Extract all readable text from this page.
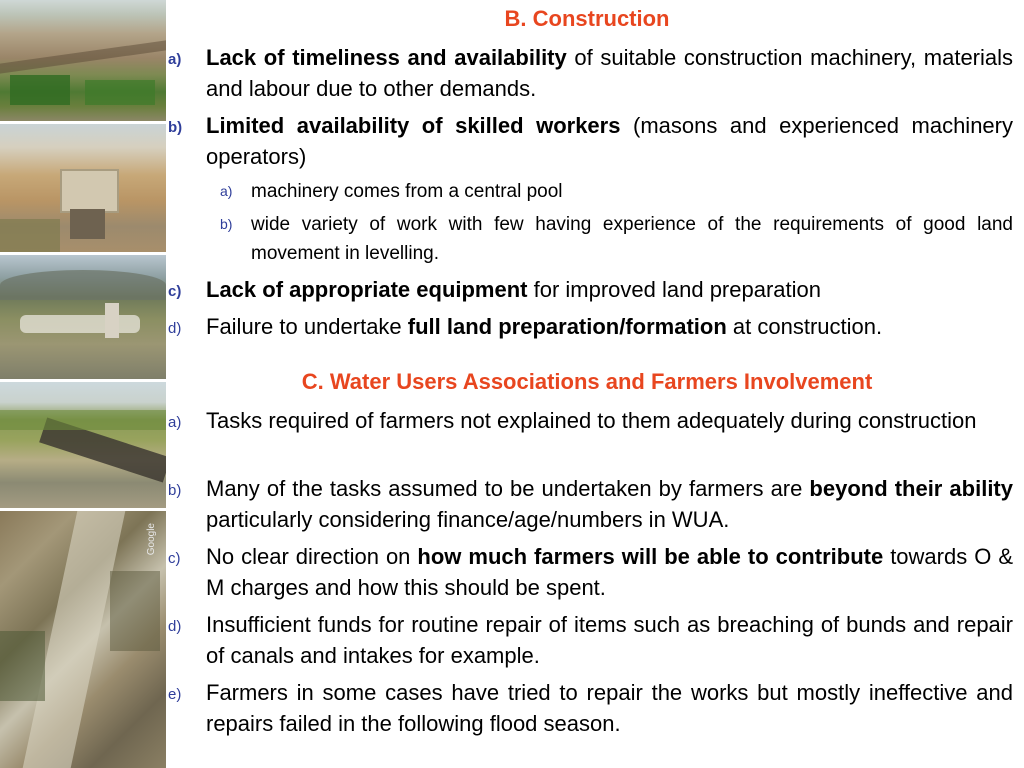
Google
B. Construction
a) Lack of timeliness and availability of suitable construction machinery, materials and labour due to other demands.
b) Limited availability of skilled workers (masons and experienced machinery operators)
a) machinery comes from a central pool
b) wide variety of work with few having experience of the requirements of good land movement in levelling.
c) Lack of appropriate equipment for improved land preparation
d) Failure to undertake full land preparation/formation at construction.
C. Water Users Associations and Farmers Involvement
a) Tasks required of farmers not explained to them adequately during construction
b) Many of the tasks assumed to be undertaken by farmers are beyond their ability particularly considering finance/age/numbers in WUA.
c) No clear direction on how much farmers will be able to contribute towards O & M charges and how this should be spent.
d) Insufficient funds for routine repair of items such as breaching of bunds and repair of canals and intakes for example.
e) Farmers in some cases have tried to repair the works but mostly ineffective and repairs failed in the following flood season.
